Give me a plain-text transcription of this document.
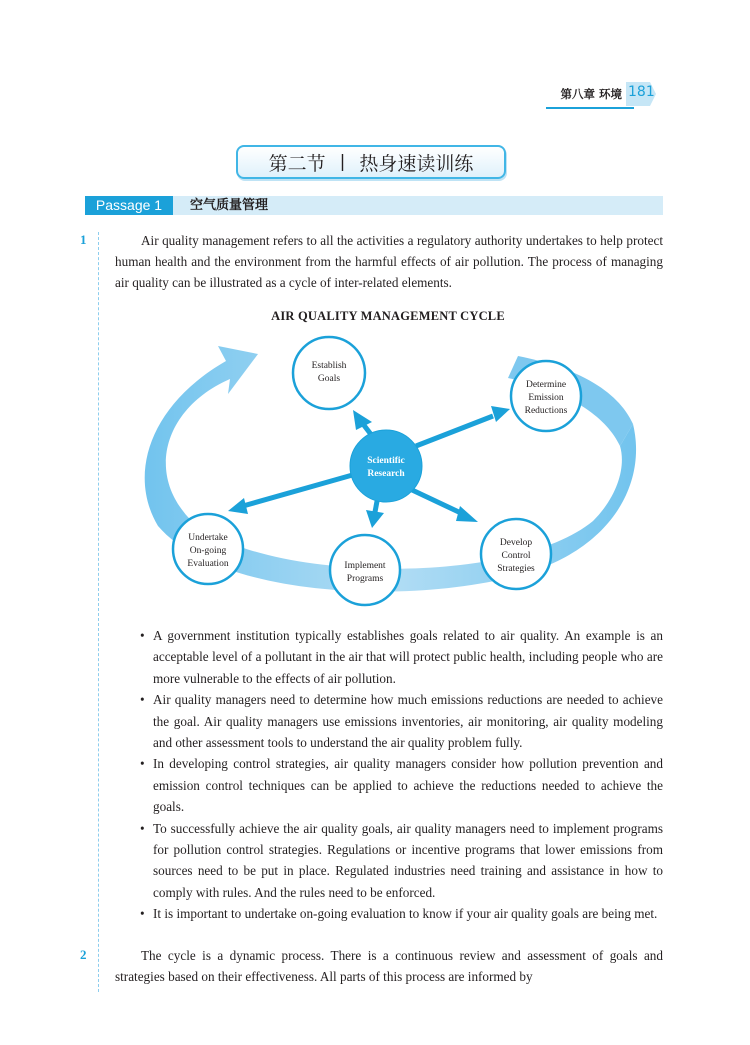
第八章 环境 181
第二节 | 热身速读训练
Passage 1	空气质量管理
1
2

Air quality management refers to all the activities a regulatory authority undertakes to help protect human health and the environment from the harmful effects of air pollution. The process of managing air quality can be illustrated as a cycle of inter-related elements.

AIR QUALITY MANAGEMENT CYCLE
Scientific
Research
Establish
Goals
Determine
Emission
Reductions
Undertake
On-going
Evaluation	Implement
Programs
Develop
Control
Strategies
• A government institution typically establishes goals related to air quality. An example is an acceptable level of a pollutant in the air that will protect public health, including people who are more vulnerable to the effects of air pollution.
• Air quality managers need to determine how much emissions reductions are needed to achieve the goal. Air quality managers use emissions inventories, air monitoring, air quality modeling and other assessment tools to understand the air quality problem fully.
• In developing control strategies, air quality managers consider how pollution prevention and emission control techniques can be applied to achieve the reductions needed to achieve the goals.
• To successfully achieve the air quality goals, air quality managers need to implement programs for pollution control strategies. Regulations or incentive programs that lower emissions from sources need to be put in place. Regulated industries need training and assistance in how to comply with rules. And the rules need to be enforced.
• It is important to undertake on-going evaluation to know if your air quality goals are being met.

The cycle is a dynamic process. There is a continuous review and assessment of goals and strategies based on their effectiveness. All parts of this process are informed by
